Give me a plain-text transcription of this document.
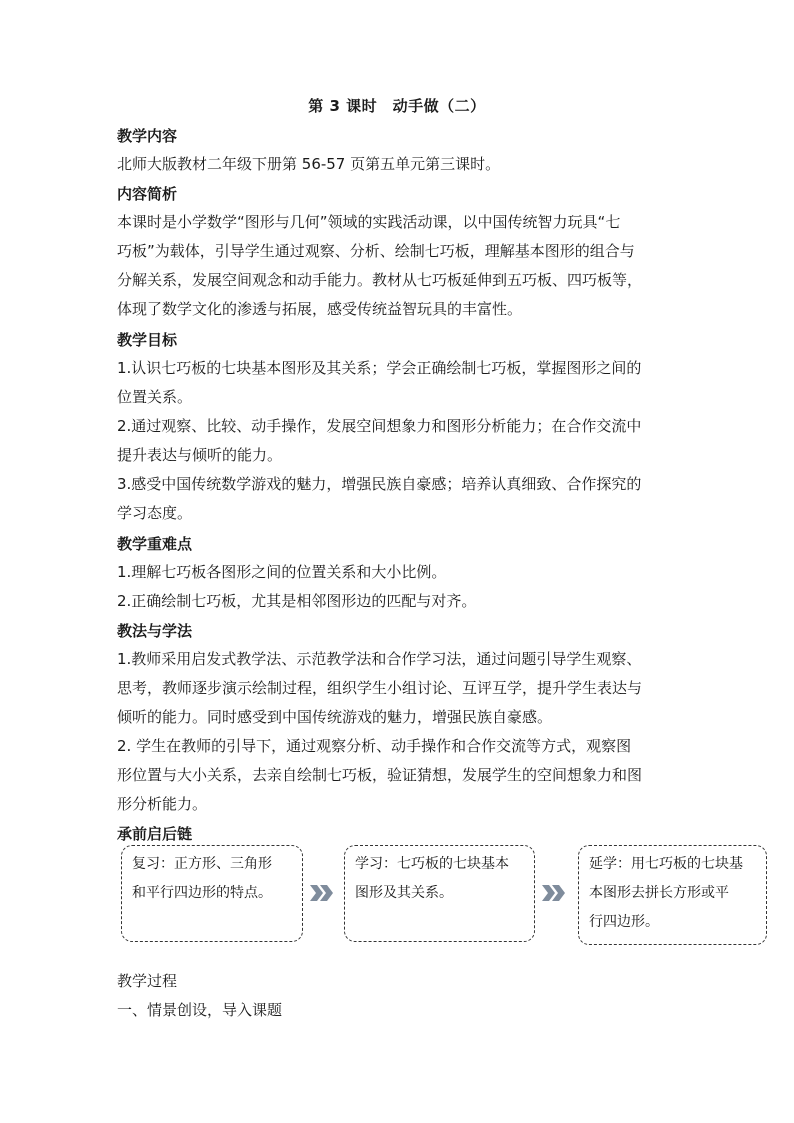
第 3 课时　动手做（二）
教学内容
北师大版教材二年级下册第 56-57 页第五单元第三课时。
内容简析
本课时是小学数学“图形与几何”领域的实践活动课，以中国传统智力玩具“七
巧板”为载体，引导学生通过观察、分析、绘制七巧板，理解基本图形的组合与
分解关系，发展空间观念和动手能力。教材从七巧板延伸到五巧板、四巧板等，
体现了数学文化的渗透与拓展，感受传统益智玩具的丰富性。
教学目标
1.认识七巧板的七块基本图形及其关系；学会正确绘制七巧板，掌握图形之间的
位置关系。
2.通过观察、比较、动手操作，发展空间想象力和图形分析能力；在合作交流中
提升表达与倾听的能力。
3.感受中国传统数学游戏的魅力，增强民族自豪感；培养认真细致、合作探究的
学习态度。
教学重难点
1.理解七巧板各图形之间的位置关系和大小比例。
2.正确绘制七巧板，尤其是相邻图形边的匹配与对齐。
教法与学法
1.教师采用启发式教学法、示范教学法和合作学习法，通过问题引导学生观察、
思考，教师逐步演示绘制过程，组织学生小组讨论、互评互学，提升学生表达与
倾听的能力。同时感受到中国传统游戏的魅力，增强民族自豪感。
2. 学生在教师的引导下，通过观察分析、动手操作和合作交流等方式，观察图
形位置与大小关系，去亲自绘制七巧板，验证猜想，发展学生的空间想象力和图
形分析能力。
承前启后链
复习：正方形、三角形
和平行四边形的特点。
学习：七巧板的七块基本
图形及其关系。
延学：用七巧板的七块基
本图形去拼长方形或平
行四边形。
教学过程
一、情景创设，导入课题
